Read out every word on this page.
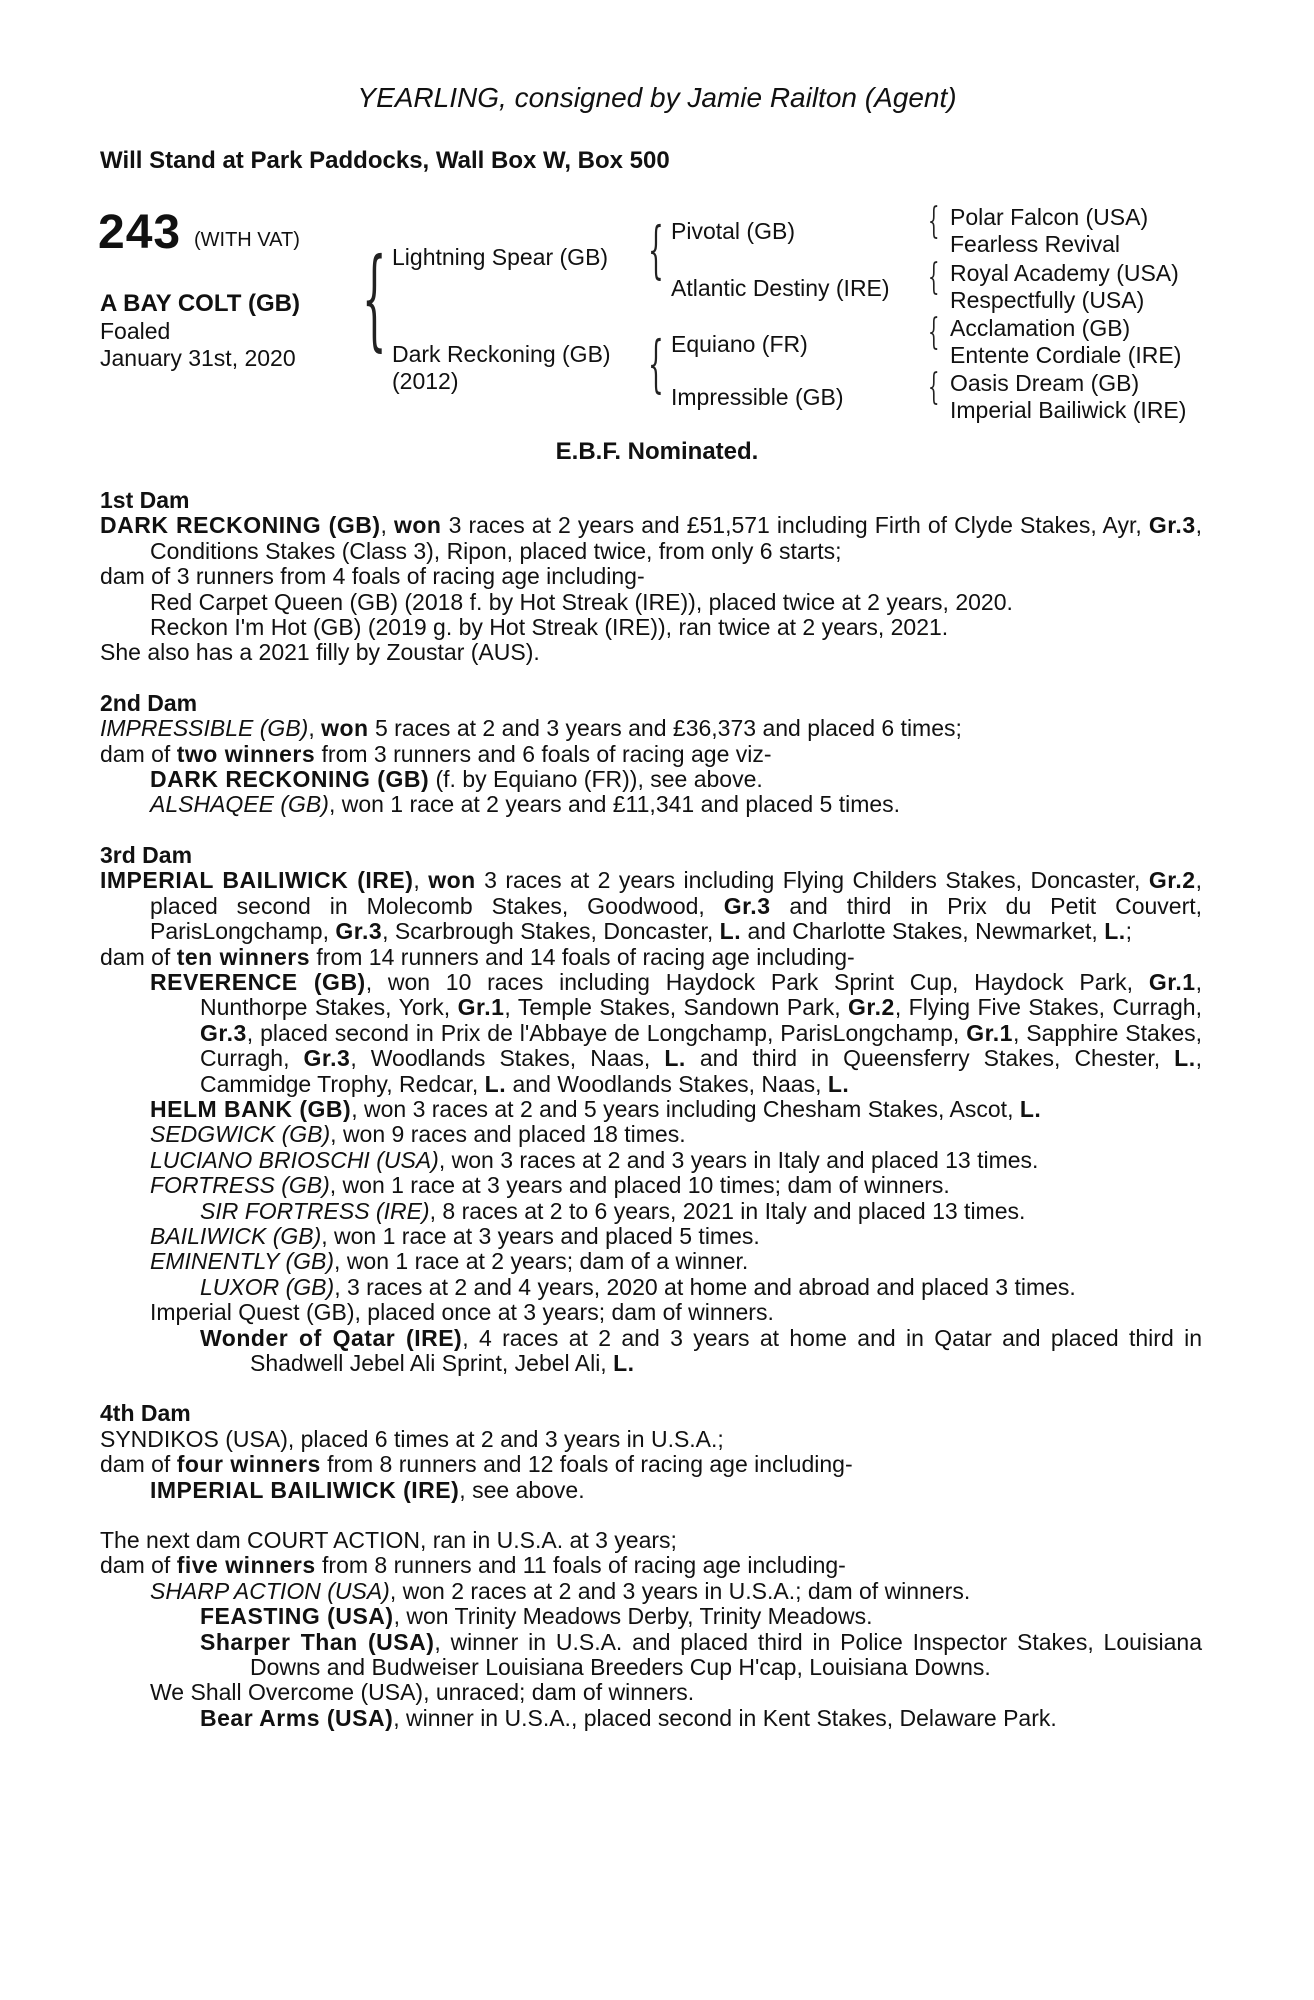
YEARLING, consigned by Jamie Railton (Agent)
Will Stand at Park Paddocks, Wall Box W, Box 500
243 (WITH VAT)
A BAY COLT (GB)
Foaled
January 31st, 2020 { Lightning Spear (GB)
Dark Reckoning (GB)
(2012)
{
{
Pivotal (GB)
Atlantic Destiny (IRE)
Equiano (FR)
Impressible (GB)
{
{
{
{
Polar Falcon (USA)
Fearless Revival
Royal Academy (USA)
Respectfully (USA)
Acclamation (GB)
Entente Cordiale (IRE)
Oasis Dream (GB)
Imperial Bailiwick (IRE)
E.B.F. Nominated.

1st Dam

DARK RECKONING (GB), won 3 races at 2 years and £51,571 including Firth of Clyde Stakes, Ayr, Gr.3, Conditions Stakes (Class 3), Ripon, placed twice, from only 6 starts;

dam of 3 runners from 4 foals of racing age including-

Red Carpet Queen (GB) (2018 f. by Hot Streak (IRE)), placed twice at 2 years, 2020.

Reckon I'm Hot (GB) (2019 g. by Hot Streak (IRE)), ran twice at 2 years, 2021.

She also has a 2021 filly by Zoustar (AUS).

2nd Dam

IMPRESSIBLE (GB), won 5 races at 2 and 3 years and £36,373 and placed 6 times;

dam of two winners from 3 runners and 6 foals of racing age viz-

DARK RECKONING (GB) (f. by Equiano (FR)), see above.

ALSHAQEE (GB), won 1 race at 2 years and £11,341 and placed 5 times.

3rd Dam

IMPERIAL BAILIWICK (IRE), won 3 races at 2 years including Flying Childers Stakes, Doncaster, Gr.2, placed second in Molecomb Stakes, Goodwood, Gr.3 and third in Prix du Petit Couvert, ParisLongchamp, Gr.3, Scarbrough Stakes, Doncaster, L. and Charlotte Stakes, Newmarket, L.;

dam of ten winners from 14 runners and 14 foals of racing age including-

REVERENCE (GB), won 10 races including Haydock Park Sprint Cup, Haydock Park, Gr.1, Nunthorpe Stakes, York, Gr.1, Temple Stakes, Sandown Park, Gr.2, Flying Five Stakes, Curragh, Gr.3, placed second in Prix de l'Abbaye de Longchamp, ParisLongchamp, Gr.1, Sapphire Stakes, Curragh, Gr.3, Woodlands Stakes, Naas, L. and third in Queensferry Stakes, Chester, L., Cammidge Trophy, Redcar, L. and Woodlands Stakes, Naas, L.

HELM BANK (GB), won 3 races at 2 and 5 years including Chesham Stakes, Ascot, L.

SEDGWICK (GB), won 9 races and placed 18 times.

LUCIANO BRIOSCHI (USA), won 3 races at 2 and 3 years in Italy and placed 13 times.

FORTRESS (GB), won 1 race at 3 years and placed 10 times; dam of winners.

SIR FORTRESS (IRE), 8 races at 2 to 6 years, 2021 in Italy and placed 13 times.

BAILIWICK (GB), won 1 race at 3 years and placed 5 times.

EMINENTLY (GB), won 1 race at 2 years; dam of a winner.

LUXOR (GB), 3 races at 2 and 4 years, 2020 at home and abroad and placed 3 times.

Imperial Quest (GB), placed once at 3 years; dam of winners.

Wonder of Qatar (IRE), 4 races at 2 and 3 years at home and in Qatar and placed third in Shadwell Jebel Ali Sprint, Jebel Ali, L.

4th Dam

SYNDIKOS (USA), placed 6 times at 2 and 3 years in U.S.A.;

dam of four winners from 8 runners and 12 foals of racing age including-

IMPERIAL BAILIWICK (IRE), see above.

The next dam COURT ACTION, ran in U.S.A. at 3 years;

dam of five winners from 8 runners and 11 foals of racing age including-

SHARP ACTION (USA), won 2 races at 2 and 3 years in U.S.A.; dam of winners.

FEASTING (USA), won Trinity Meadows Derby, Trinity Meadows.

Sharper Than (USA), winner in U.S.A. and placed third in Police Inspector Stakes, Louisiana Downs and Budweiser Louisiana Breeders Cup H'cap, Louisiana Downs.

We Shall Overcome (USA), unraced; dam of winners.

Bear Arms (USA), winner in U.S.A., placed second in Kent Stakes, Delaware Park.
